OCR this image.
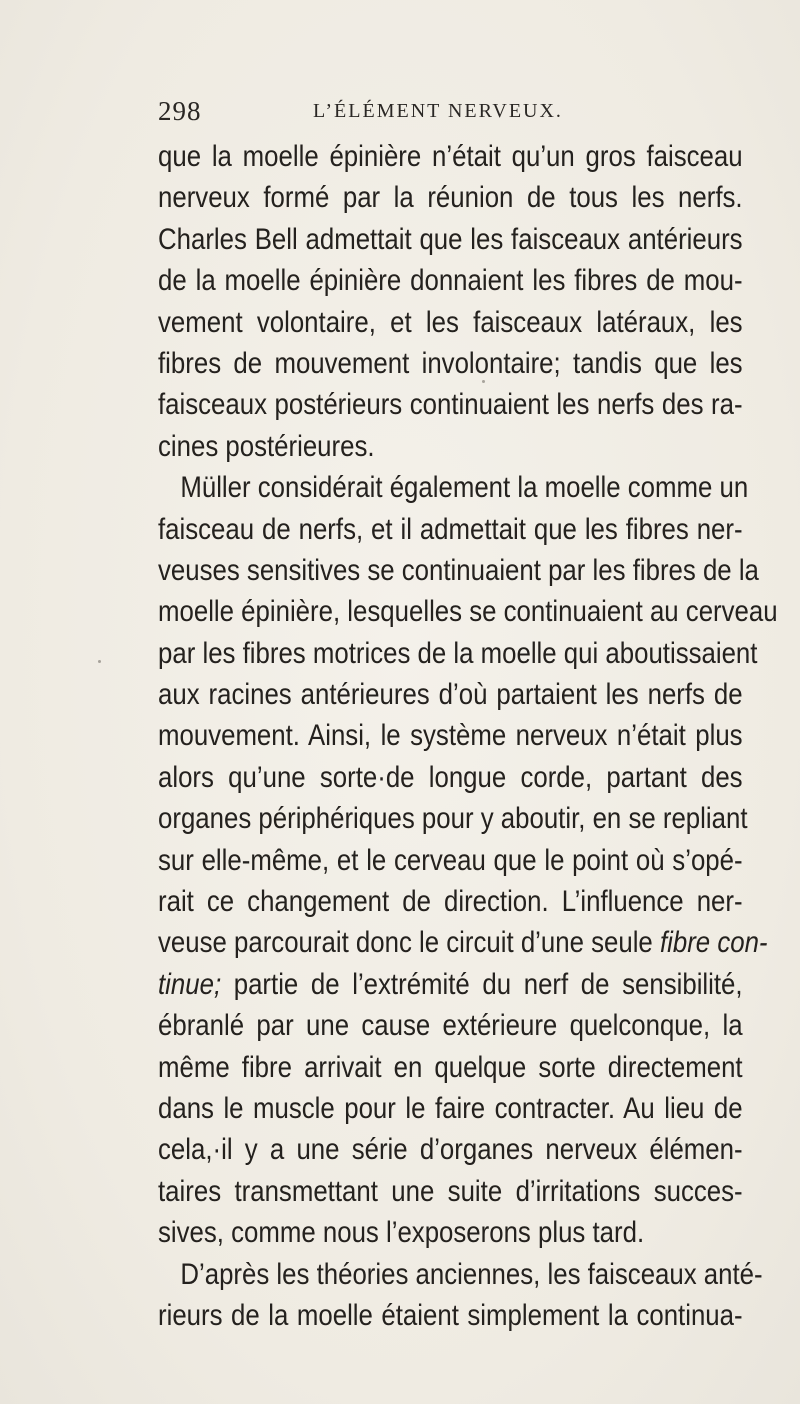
298	L’ÉLÉMENT NERVEUX.
que la moelle épinière n’était qu’un gros faisceau
nerveux formé par la réunion de tous les nerfs.
Charles Bell admettait que les faisceaux antérieurs
de la moelle épinière donnaient les fibres de mou-
vement volontaire, et les faisceaux latéraux, les
fibres de mouvement involontaire; tandis que les
faisceaux postérieurs continuaient les nerfs des ra-
cines postérieures.
Müller considérait également la moelle comme un
faisceau de nerfs, et il admettait que les fibres ner-
veuses sensitives se continuaient par les fibres de la
moelle épinière, lesquelles se continuaient au cerveau
par les fibres motrices de la moelle qui aboutissaient
aux racines antérieures d’où partaient les nerfs de
mouvement. Ainsi, le système nerveux n’était plus
alors qu’une sorte·de longue corde, partant des
organes périphériques pour y aboutir, en se repliant
sur elle-même, et le cerveau que le point où s’opé-
rait ce changement de direction. L’influence ner-
veuse parcourait donc le circuit d’une seule fibre con-
tinue; partie de l’extrémité du nerf de sensibilité,
ébranlé par une cause extérieure quelconque, la
même fibre arrivait en quelque sorte directement
dans le muscle pour le faire contracter. Au lieu de
cela,·il y a une série d’organes nerveux élémen-
taires transmettant une suite d’irritations succes-
sives, comme nous l’exposerons plus tard.
D’après les théories anciennes, les faisceaux anté-
rieurs de la moelle étaient simplement la continua-
